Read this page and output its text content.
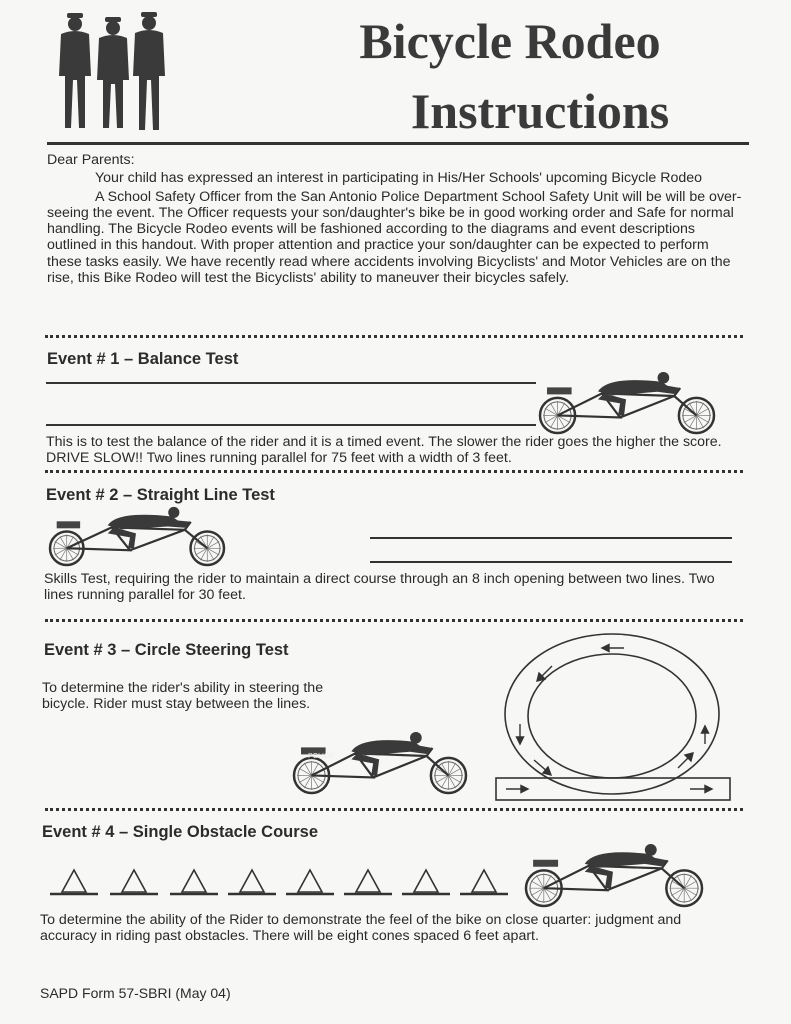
Bicycle Rodeo
Instructions
Dear Parents:
Your child has expressed an interest in participating in His/Her Schools' upcoming Bicycle Rodeo
A School Safety Officer from the San Antonio Police Department School Safety Unit will be will be over-seeing the event. The Officer requests your son/daughter's bike be in good working order and Safe for normal handling. The Bicycle Rodeo events will be fashioned according to the diagrams and event descriptions outlined in this handout. With proper attention and practice your son/daughter can be expected to perform these tasks easily. We have recently read where accidents involving Bicyclists' and Motor Vehicles are on the rise, this Bike Rodeo will test the Bicyclists' ability to maneuver their bicycles safely.
Event # 1 – Balance Test
This is to test the balance of the rider and it is a timed event. The slower the rider goes the higher the score. DRIVE SLOW!! Two lines running parallel for 75 feet with a width of 3 feet.
Event # 2 – Straight Line Test
Skills Test, requiring the rider to maintain a direct course through an 8 inch opening between two lines. Two lines running parallel for 30 feet.
Event # 3 – Circle Steering Test
To determine the rider's ability in steering the bicycle. Rider must stay between the lines.
POLICE
Event # 4 – Single Obstacle Course
To determine the ability of the Rider to demonstrate the feel of the bike on close quarter: judgment and accuracy in riding past obstacles. There will be eight cones spaced 6 feet apart.
SAPD Form 57-SBRI (May 04)
